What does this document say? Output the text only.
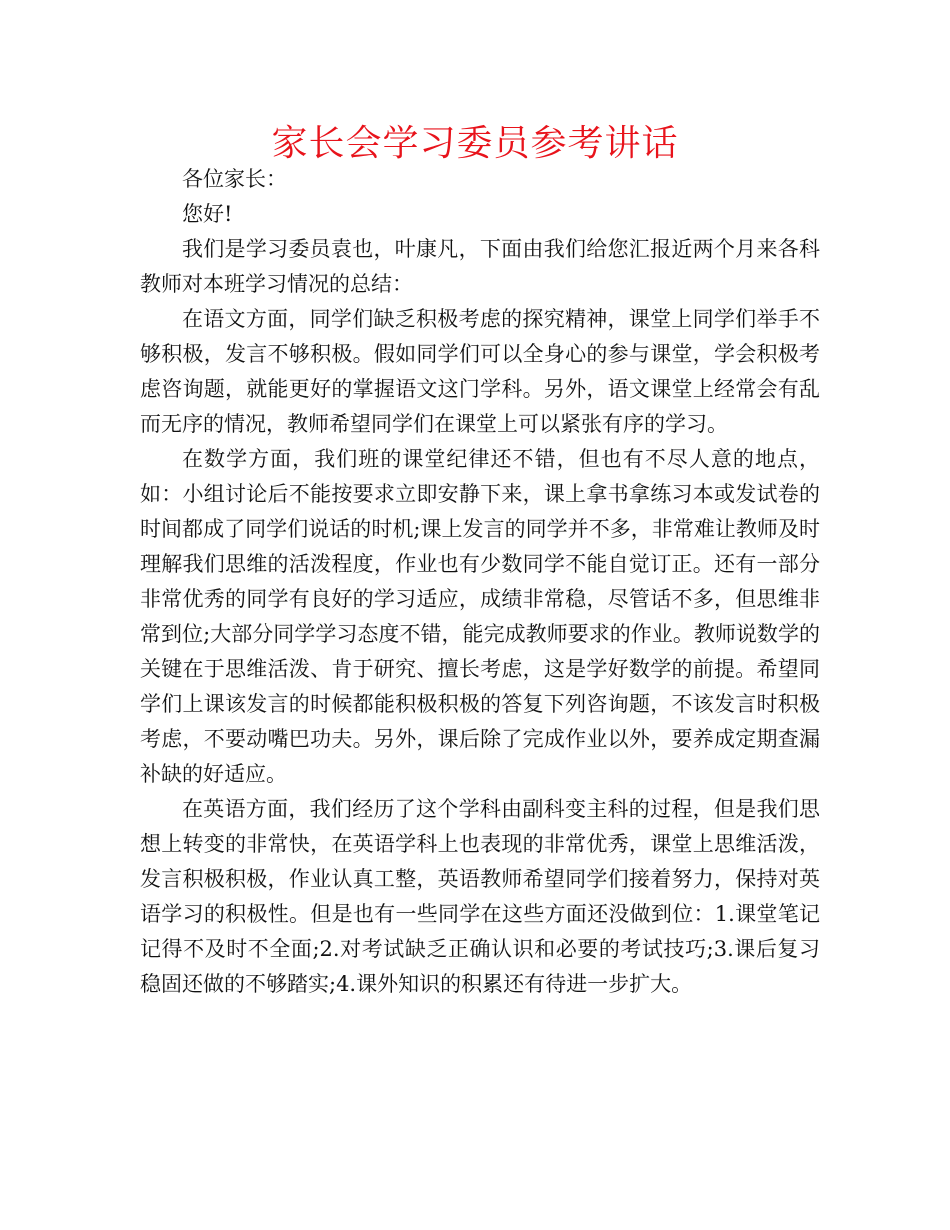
家长会学习委员参考讲话

各位家长：

您好!

我们是学习委员袁也，叶康凡，下面由我们给您汇报近两个月来各科教师对本班学习情况的总结：

在语文方面，同学们缺乏积极考虑的探究精神，课堂上同学们举手不够积极，发言不够积极。假如同学们可以全身心的参与课堂，学会积极考虑咨询题，就能更好的掌握语文这门学科。另外，语文课堂上经常会有乱而无序的情况，教师希望同学们在课堂上可以紧张有序的学习。

在数学方面，我们班的课堂纪律还不错，但也有不尽人意的地点，如：小组讨论后不能按要求立即安静下来，课上拿书拿练习本或发试卷的时间都成了同学们说话的时机;课上发言的同学并不多，非常难让教师及时理解我们思维的活泼程度，作业也有少数同学不能自觉订正。还有一部分非常优秀的同学有良好的学习适应，成绩非常稳，尽管话不多，但思维非常到位;大部分同学学习态度不错，能完成教师要求的作业。教师说数学的关键在于思维活泼、肯于研究、擅长考虑，这是学好数学的前提。希望同学们上课该发言的时候都能积极积极的答复下列咨询题，不该发言时积极考虑，不要动嘴巴功夫。另外，课后除了完成作业以外，要养成定期查漏补缺的好适应。

在英语方面，我们经历了这个学科由副科变主科的过程，但是我们思想上转变的非常快，在英语学科上也表现的非常优秀，课堂上思维活泼，发言积极积极，作业认真工整，英语教师希望同学们接着努力，保持对英语学习的积极性。但是也有一些同学在这些方面还没做到位：1.课堂笔记记得不及时不全面;2.对考试缺乏正确认识和必要的考试技巧;3.课后复习稳固还做的不够踏实;4.课外知识的积累还有待进一步扩大。
